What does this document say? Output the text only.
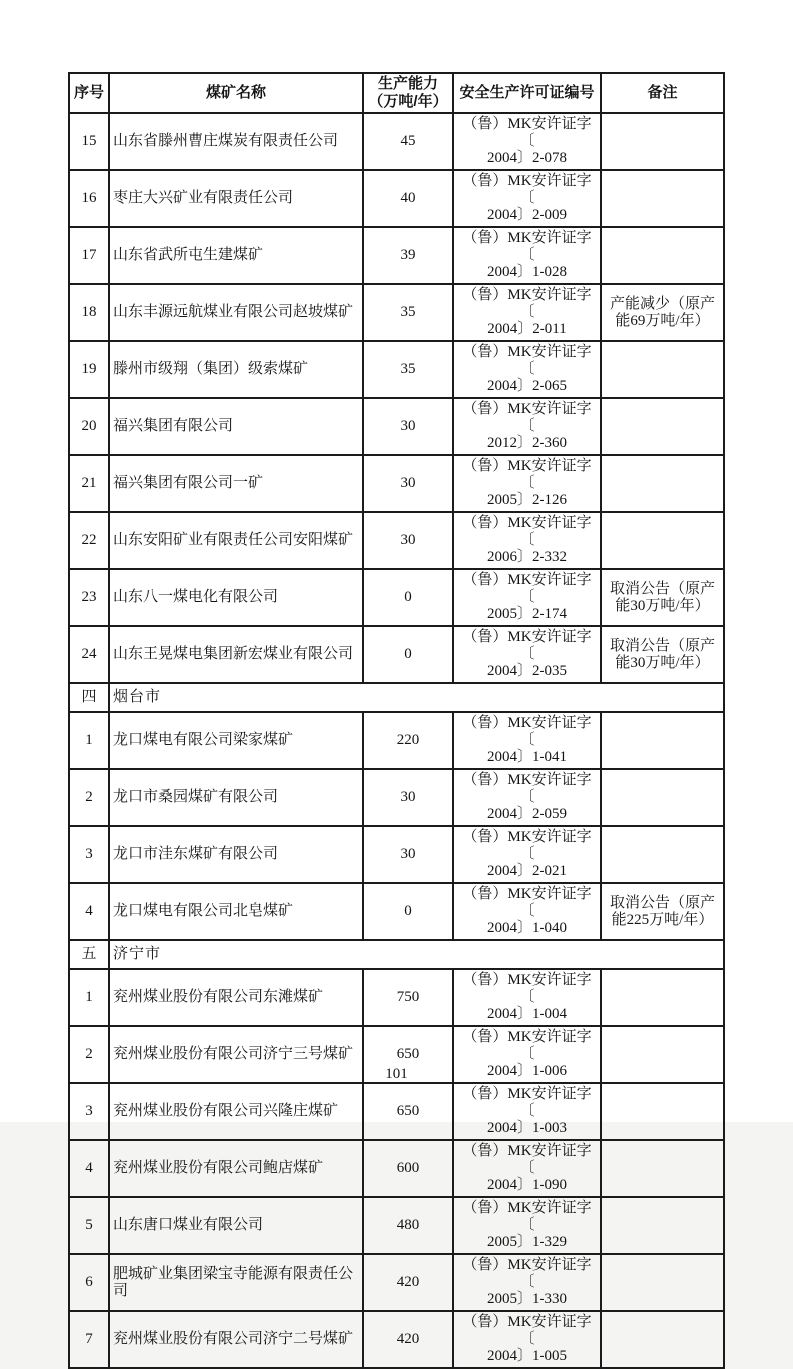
序号	煤矿名称	生产能力
（万吨/年）	安全生产许可证编号	备注
15	山东省滕州曹庄煤炭有限责任公司	45	（鲁）MK安许证字〔
2004〕2-078	
16	枣庄大兴矿业有限责任公司	40	（鲁）MK安许证字〔
2004〕2-009	
17	山东省武所屯生建煤矿	39	（鲁）MK安许证字〔
2004〕1-028	
18	山东丰源远航煤业有限公司赵坡煤矿	35	（鲁）MK安许证字〔
2004〕2-011	产能减少（原产
能69万吨/年）
19	滕州市级翔（集团）级索煤矿	35	（鲁）MK安许证字〔
2004〕2-065	
20	福兴集团有限公司	30	（鲁）MK安许证字〔
2012〕2-360	
21	福兴集团有限公司一矿	30	（鲁）MK安许证字〔
2005〕2-126	
22	山东安阳矿业有限责任公司安阳煤矿	30	（鲁）MK安许证字〔
2006〕2-332	
23	山东八一煤电化有限公司	0	（鲁）MK安许证字〔
2005〕2-174	取消公告（原产
能30万吨/年）
24	山东王晃煤电集团新宏煤业有限公司	0	（鲁）MK安许证字〔
2004〕2-035	取消公告（原产
能30万吨/年）
四	烟台市			
1	龙口煤电有限公司梁家煤矿	220	（鲁）MK安许证字〔
2004〕1-041	
2	龙口市桑园煤矿有限公司	30	（鲁）MK安许证字〔
2004〕2-059	
3	龙口市洼东煤矿有限公司	30	（鲁）MK安许证字〔
2004〕2-021	
4	龙口煤电有限公司北皂煤矿	0	（鲁）MK安许证字〔
2004〕1-040	取消公告（原产
能225万吨/年）
五	济宁市			
1	兖州煤业股份有限公司东滩煤矿	750	（鲁）MK安许证字〔
2004〕1-004	
2	兖州煤业股份有限公司济宁三号煤矿	650	（鲁）MK安许证字〔
2004〕1-006	
3	兖州煤业股份有限公司兴隆庄煤矿	650	（鲁）MK安许证字〔
2004〕1-003	
4	兖州煤业股份有限公司鲍店煤矿	600	（鲁）MK安许证字〔
2004〕1-090	
5	山东唐口煤业有限公司	480	（鲁）MK安许证字〔
2005〕1-329	
6	肥城矿业集团梁宝寺能源有限责任公司	420	（鲁）MK安许证字〔
2005〕1-330	
7	兖州煤业股份有限公司济宁二号煤矿	420	（鲁）MK安许证字〔
2004〕1-005	
101
